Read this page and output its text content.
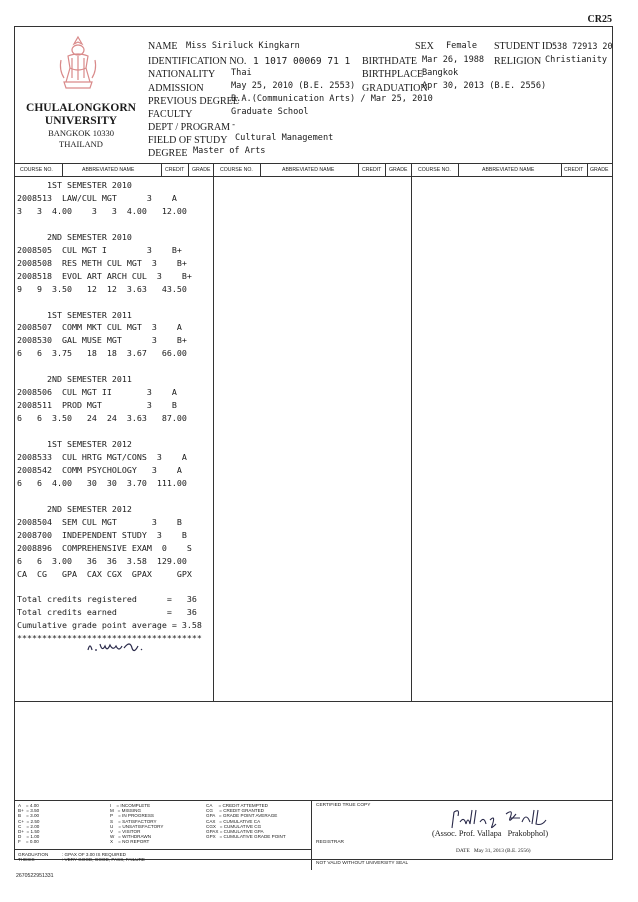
CR25
CHULALONGKORN
UNIVERSITY
BANGKOK 10330
THAILAND
NAME Miss Siriluck Kingkarn
IDENTIFICATION NO. 1 1017 00069 71 1
NATIONALITY Thai
ADMISSION	May 25, 2010 (B.E. 2553)
PREVIOUS DEGREE
B.A.(Communication Arts) / Mar 25, 2010
FACULTY	Graduate School
DEPT / PROGRAM -
FIELD OF STUDY Cultural Management
DEGREE Master of Arts
SEX Female STUDENT ID 538 72913 20
BIRTHDATE Mar 26, 1988 RELIGION Christianity
BIRTHPLACE
Bangkok
GRADUATION
Apr 30, 2013 (B.E. 2556)
COURSE NO.	ABBREVIATED NAME	CREDIT GRADE COURSE NO.	ABBREVIATED NAME	CREDIT GRADE COURSE NO.	ABBREVIATED NAME	CREDIT GRADE
1ST SEMESTER 2010
2008513  LAW/CUL MGT      3    A
3   3  4.00    3   3  4.00   12.00
2ND SEMESTER 2010
2008505  CUL MGT I        3    B+
2008508  RES METH CUL MGT  3    B+
2008518  EVOL ART ARCH CUL  3    B+
9   9  3.50   12  12  3.63   43.50
1ST SEMESTER 2011
2008507  COMM MKT CUL MGT  3    A
2008530  GAL MUSE MGT      3    B+
6   6  3.75   18  18  3.67   66.00
2ND SEMESTER 2011
2008506  CUL MGT II       3    A
2008511  PROD MGT         3    B
6   6  3.50   24  24  3.63   87.00
1ST SEMESTER 2012
2008533  CUL HRTG MGT/CONS  3    A
2008542  COMM PSYCHOLOGY   3    A
6   6  4.00   30  30  3.70  111.00
2ND SEMESTER 2012
2008504  SEM CUL MGT       3    B
2008700  INDEPENDENT STUDY  3    B
2008896  COMPREHENSIVE EXAM  0    S
6   6  3.00   36  36  3.58  129.00
CA  CG   GPA  CAX CGX  GPAX     GPX
Total credits registered      =   36
Total credits earned          =   36
Cumulative grade point average = 3.58
*************************************
A    = 4.00
B+  = 3.50
B    = 3.00
C+  = 2.50
C    = 2.00
D+  = 1.50
D    = 1.00
F    = 0.00
I    = INCOMPLETE
M   = MISSING
P    = IN PROGRESS
S    = SATISFACTORY
U    = UNSATISFACTORY
V    = VISITOR
W   = WITHDRAWN
X    = NO REPORT
CA     = CREDIT ATTEMPTED
CG     = CREDIT GRANTED
GPA   = GRADE POINT AVERAGE
CAX   = CUMULATIVE CA
CGX   = CUMULATIVE CG
GPAX = CUMULATIVE GPA
GPX   = CUMULATIVE GRADE POINT
GRADUATION
THESIS
: GPAX OF 3.00 IS REQUIRED
: VERY GOOD, GOOD, PASS, FAILURE
CERTIFIED TRUE COPY
(Assoc. Prof. Vallapa   Prakobphol)
REGISTRAR
DATE   May 31, 2013 (B.E. 2556)
NOT VALID WITHOUT UNIVERSITY SEAL
2670522951331
